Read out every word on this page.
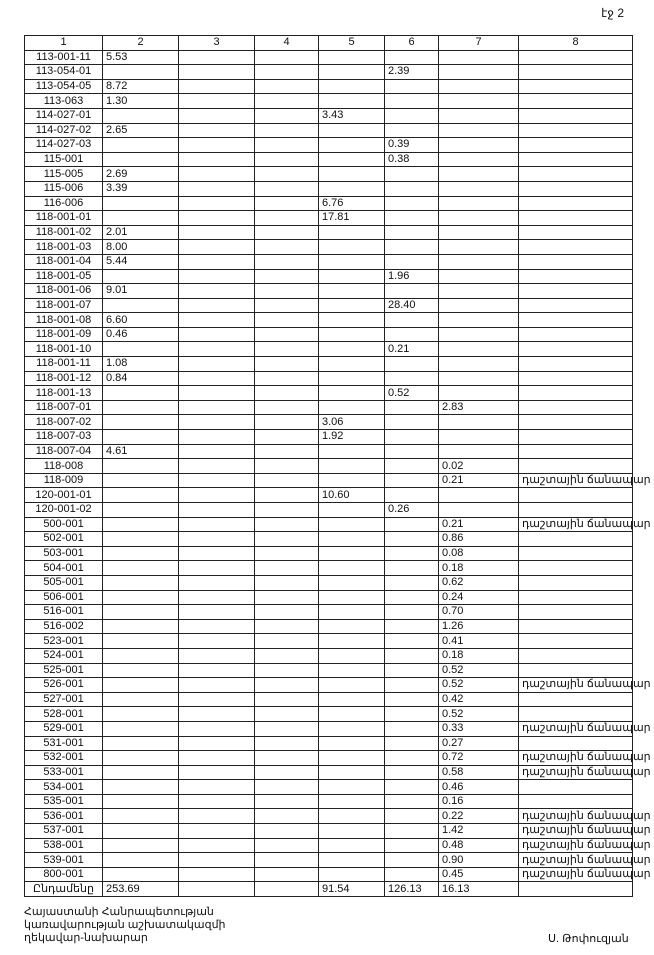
էջ 2
1	2	3	4	5	6	7	8
113-001-11	5.53						
113-054-01					2.39		
113-054-05	8.72						
113-063	1.30						
114-027-01				3.43			
114-027-02	2.65						
114-027-03					0.39		
115-001					0.38		
115-005	2.69						
115-006	3.39						
116-006				6.76			
118-001-01				17.81			
118-001-02	2.01						
118-001-03	8.00						
118-001-04	5.44						
118-001-05					1.96		
118-001-06	9.01						
118-001-07					28.40		
118-001-08	6.60						
118-001-09	0.46						
118-001-10					0.21		
118-001-11	1.08						
118-001-12	0.84						
118-001-13					0.52		
118-007-01						2.83	
118-007-02				3.06			
118-007-03				1.92			
118-007-04	4.61						
118-008						0.02	
118-009						0.21	դաշտային ճանապար
120-001-01				10.60			
120-001-02					0.26		
500-001						0.21	դաշտային ճանապար
502-001						0.86	
503-001						0.08	
504-001						0.18	
505-001						0.62	
506-001						0.24	
516-001						0.70	
516-002						1.26	
523-001						0.41	
524-001						0.18	
525-001						0.52	
526-001						0.52	դաշտային ճանապար
527-001						0.42	
528-001						0.52	
529-001						0.33	դաշտային ճանապար
531-001						0.27	
532-001						0.72	դաշտային ճանապար
533-001						0.58	դաշտային ճանապար
534-001						0.46	
535-001						0.16	
536-001						0.22	դաշտային ճանապար
537-001						1.42	դաշտային ճանապար
538-001						0.48	դաշտային ճանապար
539-001						0.90	դաշտային ճանապար
800-001						0.45	դաշտային ճանապար
Ընդամենը	253.69			91.54	126.13	16.13	
Հայաստանի Հանրապետության
կառավարության աշխատակազմի
ղեկավար-նախարար	Ս. Թոփուզյան
